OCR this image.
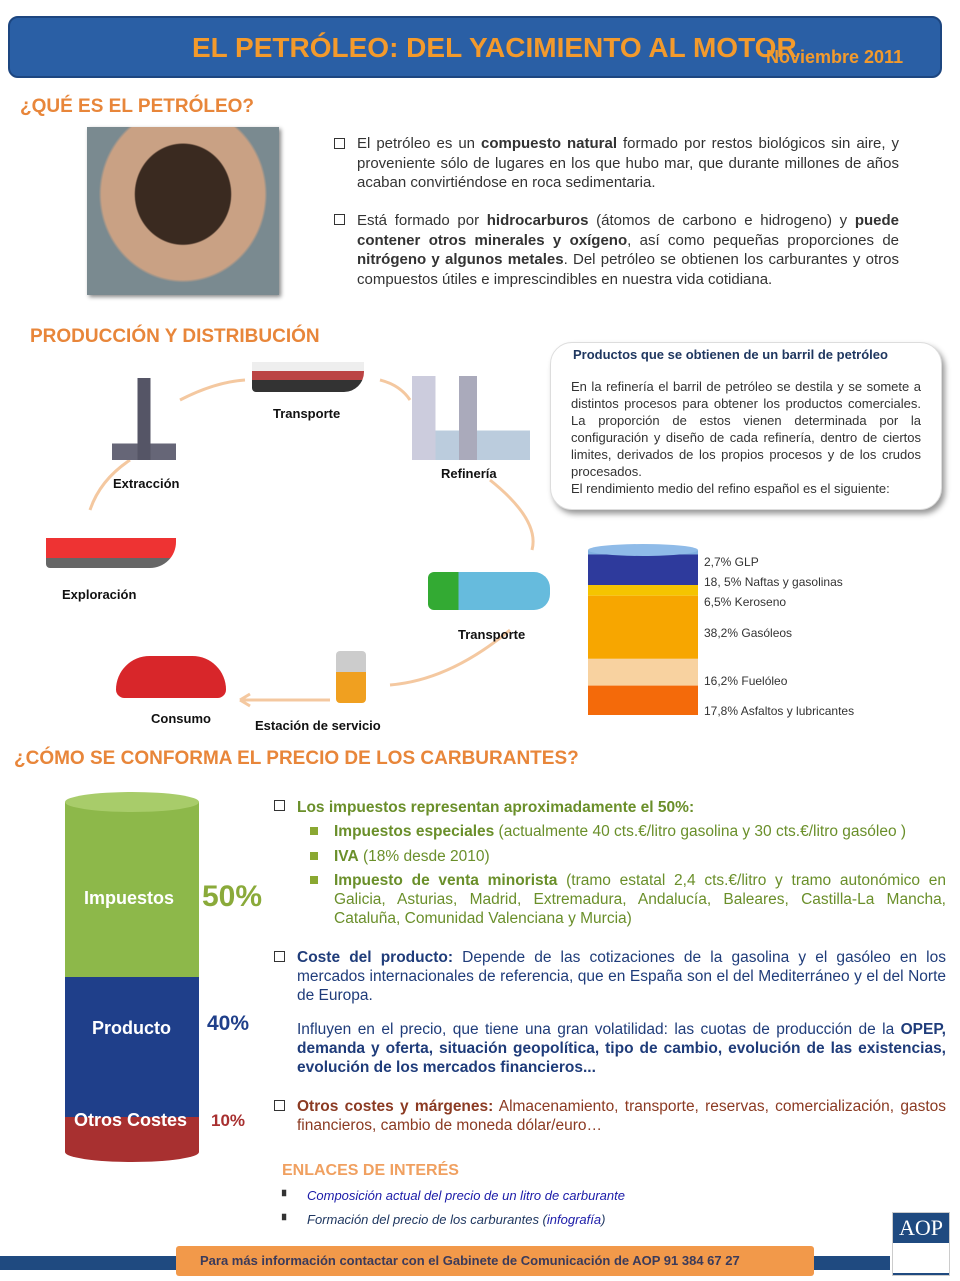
EL PETRÓLEO: DEL YACIMIENTO AL MOTOR
Noviembre 2011
¿QUÉ ES EL PETRÓLEO?
El petróleo es un compuesto natural formado por restos biológicos sin aire, y proveniente sólo de lugares en los que hubo mar, que durante millones de años acaban convirtiéndose en roca sedimentaria.
Está formado por hidrocarburos (átomos de carbono e hidrogeno) y puede contener otros minerales y oxígeno, así como pequeñas proporciones de nitrógeno y algunos metales. Del petróleo se obtienen los carburantes y otros compuestos útiles e imprescindibles en nuestra vida cotidiana.
PRODUCCIÓN Y DISTRIBUCIÓN
Transporte
Extracción
Refinería
Exploración
Transporte
Consumo	Estación de servicio
Productos que se obtienen de un barril de petróleo
En la refinería el barril de petróleo se destila y se somete a distintos procesos para obtener los productos comerciales. La proporción de estos vienen determinada por la configuración y diseño de cada refinería, dentro de ciertos limites, derivados de los propios procesos y de los crudos procesados.
El rendimiento medio del refino español es el siguiente:
2,7% GLP
18, 5% Naftas y gasolinas
6,5% Keroseno
38,2% Gasóleos
16,2% Fuelóleo
17,8% Asfaltos y lubricantes
¿CÓMO SE CONFORMA EL PRECIO DE LOS CARBURANTES?
Impuestos 50%
Producto 40%
Otros Costes 10%
Los impuestos representan aproximadamente el 50%:
Impuestos especiales (actualmente 40 cts.€/litro gasolina y 30 cts.€/litro gasóleo )
IVA (18% desde 2010)
Impuesto de venta minorista (tramo estatal 2,4 cts.€/litro y tramo autonómico en Galicia, Asturias, Madrid, Extremadura, Andalucía, Baleares, Castilla-La Mancha, Cataluña, Comunidad Valenciana y Murcia)
Coste del producto: Depende de las cotizaciones de la gasolina y el gasóleo en los mercados internacionales de referencia, que en España son el del Mediterráneo y el del Norte de Europa.
Influyen en el precio, que tiene una gran volatilidad: las cuotas de producción de la OPEP, demanda y oferta, situación geopolítica, tipo de cambio, evolución de las existencias, evolución de los mercados financieros...
Otros costes y márgenes: Almacenamiento, transporte, reservas, comercialización, gastos financieros, cambio de moneda dólar/euro…
ENLACES DE INTERÉS
▘ Composición actual del precio de un litro de carburante
▘ Formación del precio de los carburantes (infografía)
Para más información contactar con el Gabinete de Comunicación de AOP 91 384 67 27
AOP
